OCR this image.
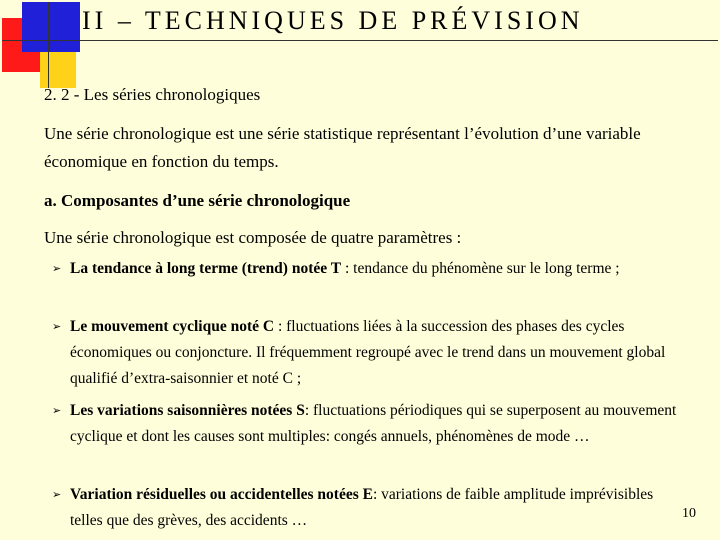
II – TECHNIQUES DE PRÉVISION
2. 2 - Les séries chronologiques
Une série chronologique est une série statistique représentant l’évolution d’une variable économique en fonction du temps.
a. Composantes d’une série chronologique
Une série chronologique est composée de quatre paramètres :
➢ La tendance à long terme (trend) notée T : tendance du phénomène sur le long terme ;
➢ Le mouvement cyclique noté C : fluctuations liées à la succession des phases des cycles économiques ou conjoncture. Il fréquemment regroupé avec le trend dans un mouvement global qualifié d’extra-saisonnier et noté C ;
➢ Les variations saisonnières notées S: fluctuations périodiques qui se superposent au mouvement cyclique et dont les causes sont multiples: congés annuels, phénomènes de mode …
➢ Variation résiduelles ou accidentelles notées E: variations de faible amplitude imprévisibles telles que des grèves, des accidents …	10
